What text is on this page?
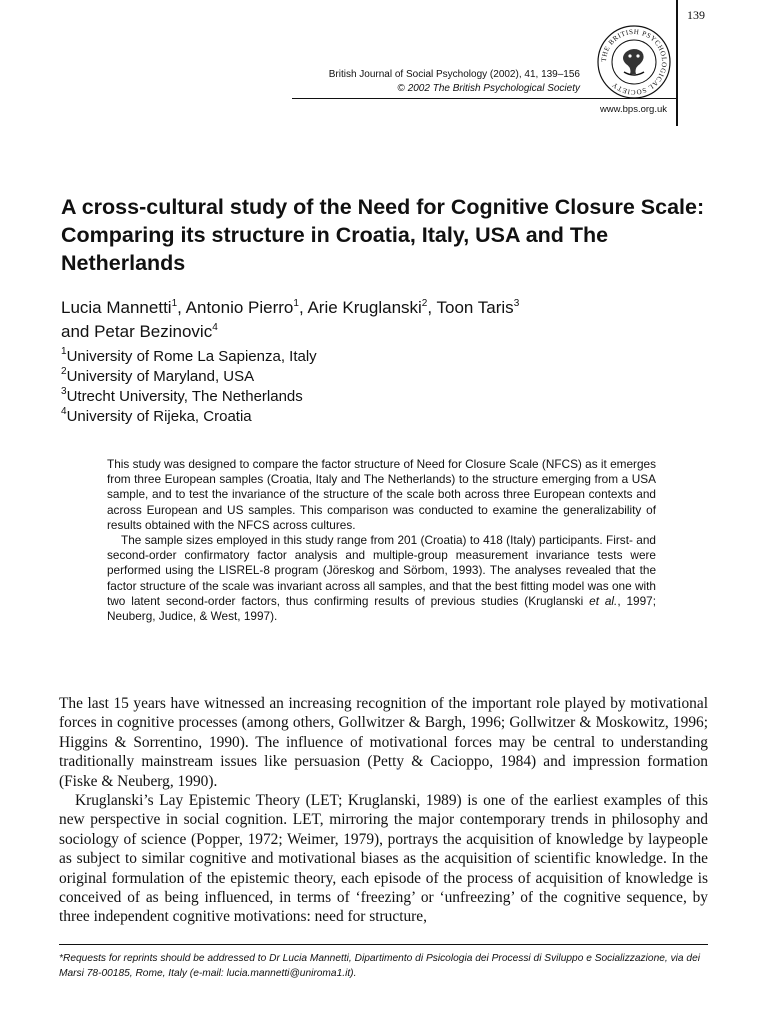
139
British Journal of Social Psychology (2002), 41, 139–156
© 2002 The British Psychological Society
THE BRITISH PSYCHOLOGICAL SOCIETY
www.bps.org.uk
A cross-cultural study of the Need for Cognitive Closure Scale: Comparing its structure in Croatia, Italy, USA and The Netherlands
Lucia Mannetti$^1$, Antonio Pierro$^1$, Arie Kruglanski$^2$, Toon Taris$^3$
and Petar Bezinovic$^4$
$^1$University of Rome La Sapienza, Italy
$^2$University of Maryland, USA
$^3$Utrecht University, The Netherlands
$^4$University of Rijeka, Croatia

This study was designed to compare the factor structure of Need for Closure Scale (NFCS) as it emerges from three European samples (Croatia, Italy and The Netherlands) to the structure emerging from a USA sample, and to test the invariance of the structure of the scale both across three European contexts and across European and US samples. This comparison was conducted to examine the generalizability of results obtained with the NFCS across cultures.

The sample sizes employed in this study range from 201 (Croatia) to 418 (Italy) participants. First- and second-order confirmatory factor analysis and multiple-group measurement invariance tests were performed using the LISREL-8 program (Jöreskog and Sörbom, 1993). The analyses revealed that the factor structure of the scale was invariant across all samples, and that the best fitting model was one with two latent second-order factors, thus confirming results of previous studies (Kruglanski et al., 1997; Neuberg, Judice, & West, 1997).

The last 15 years have witnessed an increasing recognition of the important role played by motivational forces in cognitive processes (among others, Gollwitzer & Bargh, 1996; Gollwitzer & Moskowitz, 1996; Higgins & Sorrentino, 1990). The influence of motivational forces may be central to understanding traditionally mainstream issues like persuasion (Petty & Cacioppo, 1984) and impression formation (Fiske & Neuberg, 1990).

Kruglanski’s Lay Epistemic Theory (LET; Kruglanski, 1989) is one of the earliest examples of this new perspective in social cognition. LET, mirroring the major contemporary trends in philosophy and sociology of science (Popper, 1972; Weimer, 1979), portrays the acquisition of knowledge by laypeople as subject to similar cognitive and motivational biases as the acquisition of scientific knowledge. In the original formulation of the epistemic theory, each episode of the process of acquisition of knowledge is conceived of as being influenced, in terms of ‘freezing’ or ‘unfreezing’ of the cognitive sequence, by three independent cognitive motivations: need for structure,

*Requests for reprints should be addressed to Dr Lucia Mannetti, Dipartimento di Psicologia dei Processi di Sviluppo e Socializzazione, via dei Marsi 78-00185, Rome, Italy (e-mail: lucia.mannetti@uniroma1.it).
